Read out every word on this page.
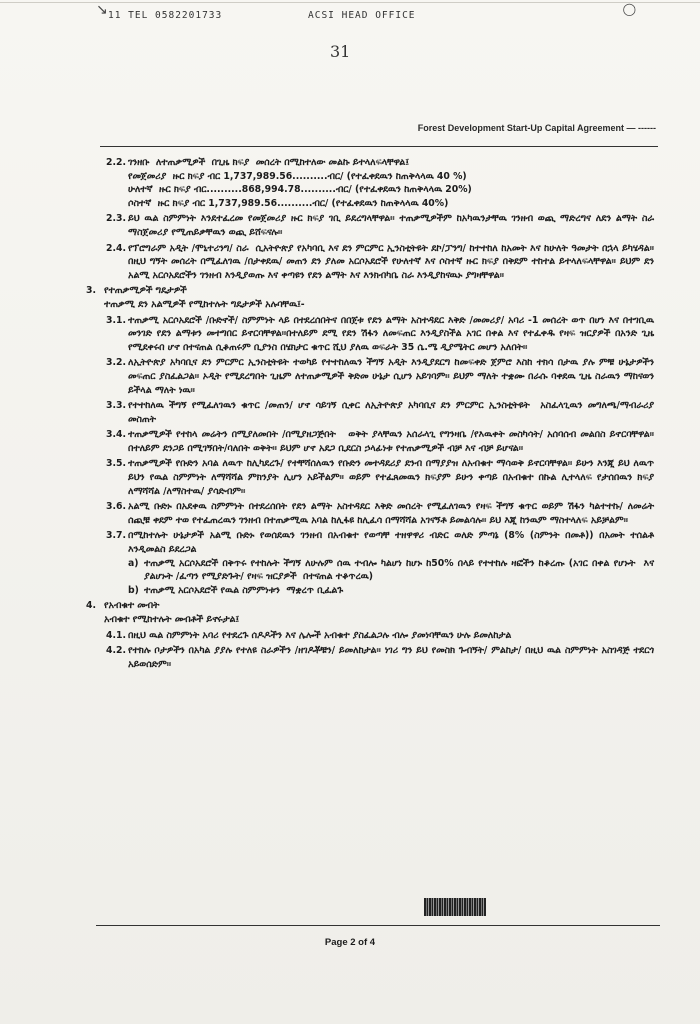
↘	◯
11 TEL 0582201733	ACSI HEAD OFFICE
31
Forest Development Start-Up Capital Agreement — ------
2.2. ገንዘቡ  ለተጠቃሚዎች  በጊዜ ክፍያ  መሰረት በሚከተለው መልኩ ይተላለፍላቸዋል፤
የመጀመሪያ  ዙር ክፍያ ብር 1,737,989.56..........ብር/ (የተፈቀደዉን ከጠቅላላዉ 40 %)
ሁለተኛ  ዙር ክፍያ ብር..........868,994.78..........ብር/ (የተፈቀደዉን ከጠቅላላዉ 20%)
ሶስተኛ  ዙር ክፍያ ብር 1,737,989.56..........ብር/ (የተፈቀደዉን ከጠቅላላዉ 40%)
2.3. ይህ ዉል ስምምነት እንደተፈረመ የመጀመሪያ ዙር ክፍያ ገቢ ይደረግላቸዋል፡፡ ተጠቃሚዎችም ከአካዉንታቸዉ ገንዘብ ወጪ ማድረግና ለደን ልማት ስራ ማስጀመሪያ የሚጠይቃቸዉን ወጪ ይሸፍናሉ፡፡
2.4. የፕሮግራም አዲት /ሞኒተሪንግ/ ስራ  ሲአትዮጵያ የአካባቢ እና ደን ምርምር ኢንስቲትዩት ደኮ/ፓንግ/ ከተተከለ ከአመት እና ከሁለት ዓመታት በኋላ ይካሄዳል፡፡ በዚህ ግኝት መሰረት በሚፈለገዉ /በታቀደዉ/ መጠን ደን ያለመ አርሶአደሮች የሁለተኛ እና ሶስተኛ ዙር ክፍያ በቅደም ተከተል ይተላለፍላቸዋል፡፡ ይህም ደን አልሚ አርሶአደሮችን ገንዘብ እንዲያወጡ እና ቀጣዩን የደን ልማት እና እንክብካቤ ስራ እንዲያከናዉኑ ያግዛቸዋል፡፡
3. የተጠቃሚዎች ግዴታዎች
ተጠቃሚ ደን አልሚዎች የሚከተሉት ግዴታዎች አሉባቸዉ፤-
3.1. ተጠቃሚ አርሶአደሮች /ቡድኖች/ ስምምነት ላይ በተደረሰበትና በበጀቱ የደን ልማት አስተዳደር እቅድ /መመሪያ/ አባሪ -1 መሰረት ወጥ በሆነ እና በተገቢዉ መንገድ የደን ልማቱን መተግበር ይኖርባቸዋል፡፡በተለይም ደሚ የደን ሽፋን ለመፍጠር እንዲያስችል አገር በቀል እና የተፈቀዱ የዛፍ ዝርያዎች በአንድ ጊዜ የሚደቀሩበ ሆኖ በተናጠል ሲቆጠሩም ቢያንስ በሄክታር ቁጥር ሺህ ያለዉ ወፍራት 35 ሴ.ሜ ዲያሜትር መሆን አለበት፡፡
3.2. ለኢትዮጵያ አካባቢና ደን ምርምር ኢንስቲትዩት ተወካይ የተተከለዉን ችግኝ አዲት እንዲያደርግ ከመፍቀድ ጀምሮ እስከ ተክሳ በታዉ ያሉ ምቹ ሁኔታዎችን መፍጠር ያስፈልጋል፡፡ ኦዲት የሚደረግበት ጊዜም ለተጠቃሚዎች ቅድመ ሁኔታ ሲሆን አይገባም፡፡ ይህም ማለት ተቋሙ በራሱ ባቀደዉ ጊዜ ስራዉን ማከናወን ይችላል ማለት ነዉ፡፡
3.3. የተተከለዉ ችግኝ የሚፈለገዉን ቁጥር /መጠን/ ሆኖ ሳይገኝ ሲቀር ለኢትዮጵያ አካባቢና ደን ምርምር ኢንስቲትዩት  አስፈላጊዉን መግለጫ/ማብራሪያ መስጠት
3.4. ተጠቃሚዎች የተከላ መሬትን በሚያለመበት /በሚያዘጋጅበት   ወቅት ያላቸዉን አሰራላጊ የግንዛቤ /የእዉቀት መስካሳት/ አሰባሰብ መልበስ ይኖርባቸዋል፡፡ በተለይም ደንጋይ በሚገኝበት/ባለበት ወቅት፡፡ ይህም ሆኖ አደጋ ቢደርስ ኃላፊነቱ የተጠቃሚዎች ብቻ እና ብቻ ይሆናል፡፡
3.5. ተጠቃሚዎች የቡድን አባል ለዉጥ ከሊካደረጉ/ የተቸሻሰለዉን የቡድን መተዳደሪያ ደንብ በማያያዝ ለአብቁተ ማሳወቅ ይኖርባቸዋል፡፡ ይሁን እንጂ ይህ ለዉጥ ይህን የዉል ስምምነት ለማሻሻል ምክንያት ሊሆን አይችልም፡፡ ወይም የተፈጸመዉን ክፍያም ይሁን ቀጣይ በአብቁተ በኩል ሊተላለፍ የታሰበዉን ክፍያ ለማሻሻል /ለማስተዉ/ ያሳድብም፡፡
3.6. አልሚ ቡድኑ በአደቀዉ ስምምነት በተደረሰበት የደን ልማት አስተዳደር እቅድ መሰረት የሚፈለገዉን የዛፍ ችግኝ ቁጥር ወይም ሽፋን ካልተተኩ/ ለመሬት ሰጪቹ ቀደም ተወ የተፈጠረዉን ገንዘብ በተጠቃሚዉ አባል ከሊፋዩ ከሊፈሳ በማሻሻል አገናኝቶ ይመልሳሉ፡፡ ይህ እጂ ከንዉም ማስተላለፍ አይቻልም፡፡
3.7. በሚከተሉት ሁኔታዎች አልሚ ቡድኑ የወሰደዉን ገንዘብ በአብቁተ የወጣቸ ተዘዋዋሪ ብድር ወለድ ምጣኔ (8% (ስምንት በመቶ)) በአመት ተሰልቶ እንዲመልስ ይደረጋል
a) ተጠቃሚ አርሶአደሮች በቅጥሩ የተከሉት ችግኝ ለሁሉም ሰዉ ተብሎ ካልሆነ ከሆኑ ከ50% በላይ የተተከሉ ዛፎችን ከቆረጡ (አገር በቀል የሆኑት  እና ያልሆኑት /ፈጣን የሚያድጉት/ የዛፍ ዝርያዎች  በተናጠል ተቆጥረዉ)
b) ተጠቃሚ አርሶአደሮች የዉል ስምምነቱን  ማቋረጥ ቢፈልጉ
4. የአብቁተ መብት
አብቁተ የሚከተሉት መብቶች ይኖሩታል፤
4.1. በዚህ ዉል ስምምነት አባሪ የተደረጉ ሰዶዶችን እና ሌሎች አብቁተ ያስፈልጋሉ ብሎ ያመነባቸዉን ሁሉ ይመለከታል
4.2. የተክሉ ቦታዎችን በአካል ያያሉ የተለዩ ስራዎችን /ዘገዶቾቹን/ ይመለከታል፡፡ ነገሪ ግን ይህ የመስክ ጉብኝት/ ምልከታ/ በዚህ ዉል ስምምነት አስገዳጅ ተደርጎ አይወሰድም፡፡
Page 2 of 4
